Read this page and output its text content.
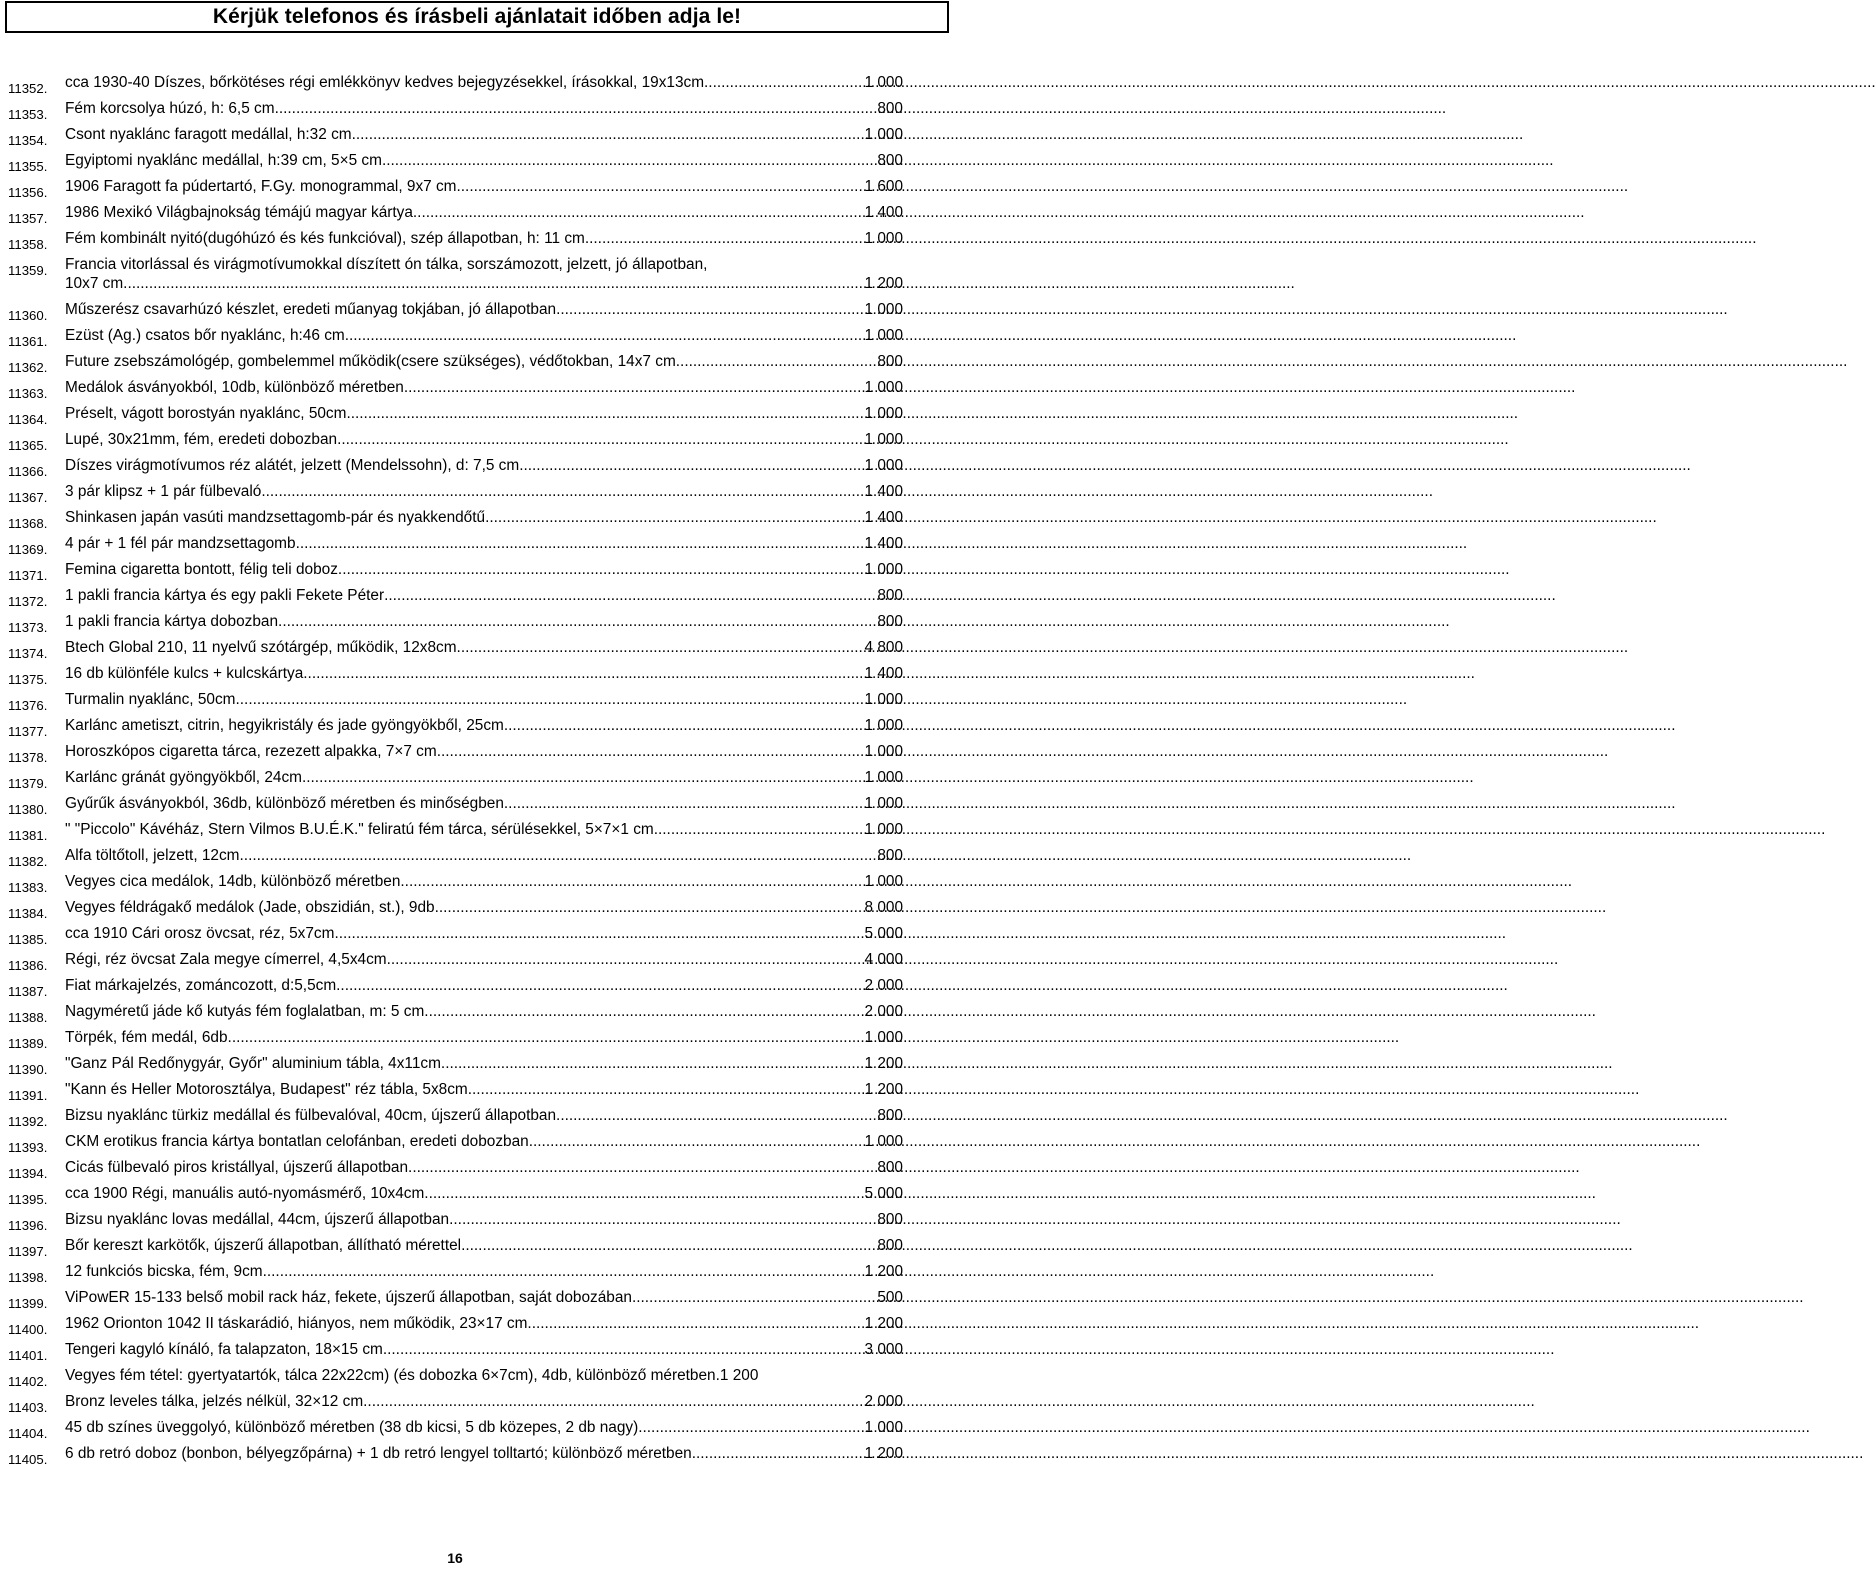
Kérjük telefonos és írásbeli ajánlatait időben adja le!
11352. cca 1930-40 Díszes, bőrkötéses régi emlékkönyv kedves bejegyzésekkel, írásokkal, 19x13cm .....	1 000
11353. Fém korcsolya húzó, h: 6,5 cm .....	800
11354. Csont nyaklánc faragott medállal, h:32 cm .....	1 000
11355. Egyiptomi nyaklánc medállal, h:39 cm, 5×5 cm .....	800
11356. 1906 Faragott fa púdertartó, F.Gy. monogrammal, 9x7 cm .....	1 600
11357. 1986 Mexikó Világbajnokság témájú magyar kártya .....	1 400
11358. Fém kombinált nyitó(dugóhúzó és kés funkcióval), szép állapotban, h: 11 cm .....	1 000
11359. Francia vitorlással és virágmotívumokkal díszített ón tálka, sorszámozott, jelzett, jó állapotban,
10x7 cm .....	1 200
11360. Műszerész csavarhúzó készlet, eredeti műanyag tokjában, jó állapotban .....	1 000
11361. Ezüst (Ag.) csatos bőr nyaklánc, h:46 cm .....	1 000
11362. Future zsebszámológép, gombelemmel működik(csere szükséges), védőtokban, 14x7 cm .....	800
11363. Medálok ásványokból, 10db, különböző méretben .....	1 000
11364. Préselt, vágott borostyán nyaklánc, 50cm .....	1 000
11365. Lupé, 30x21mm, fém, eredeti dobozban .....	1 000
11366. Díszes virágmotívumos réz alátét, jelzett (Mendelssohn), d: 7,5 cm .....	1 000
11367. 3 pár klipsz + 1 pár fülbevaló .....	1 400
11368. Shinkasen japán vasúti mandzsettagomb-pár és nyakkendőtű .....	1 400
11369. 4 pár + 1 fél pár mandzsettagomb .....	1 400
11371. Femina cigaretta bontott, félig teli doboz .....	1 000
11372. 1 pakli francia kártya és egy pakli Fekete Péter .....	800
11373. 1 pakli francia kártya dobozban .....	800
11374. Btech Global 210, 11 nyelvű szótárgép, működik, 12x8cm .....	4 800
11375. 16 db különféle kulcs + kulcskártya .....	1 400
11376. Turmalin nyaklánc, 50cm .....	1 000
11377. Karlánc ametiszt, citrin, hegyikristály és jade gyöngyökből, 25cm .....	1 000
11378. Horoszkópos cigaretta tárca, rezezett alpakka, 7×7 cm .....	1 000
11379. Karlánc gránát gyöngyökből, 24cm .....	1 000
11380. Gyűrűk ásványokból, 36db, különböző méretben és minőségben .....	1 000
11381. " "Piccolo" Kávéház, Stern Vilmos B.U.É.K." feliratú fém tárca, sérülésekkel, 5×7×1 cm .....	1 000
11382. Alfa töltőtoll, jelzett, 12cm .....	800
11383. Vegyes cica medálok, 14db, különböző méretben .....	1 000
11384. Vegyes féldrágakő medálok (Jade, obszidián, st.), 9db .....	8 000
11385. cca 1910 Cári orosz övcsat, réz, 5x7cm .....	5 000
11386. Régi, réz övcsat Zala megye címerrel, 4,5x4cm .....	4 000
11387. Fiat márkajelzés, zománcozott, d:5,5cm .....	2 000
11388. Nagyméretű jáde kő kutyás fém foglalatban, m: 5 cm .....	2 000
11389. Törpék, fém medál, 6db .....	1 000
11390. "Ganz Pál Redőnygyár, Győr" aluminium tábla, 4x11cm .....	1 200
11391. "Kann és Heller Motorosztálya, Budapest" réz tábla, 5x8cm .....	1 200
11392. Bizsu nyaklánc türkiz medállal és fülbevalóval, 40cm, újszerű állapotban .....	800
11393. CKM erotikus francia kártya bontatlan celofánban, eredeti dobozban .....	1 000
11394. Cicás fülbevaló piros kristállyal, újszerű állapotban .....	800
11395. cca 1900 Régi, manuális autó-nyomásmérő, 10x4cm .....	5 000
11396. Bizsu nyaklánc lovas medállal, 44cm, újszerű állapotban .....	800
11397. Bőr kereszt karkötők, újszerű állapotban, állítható mérettel .....	800
11398. 12 funkciós bicska, fém, 9cm .....	1 200
11399. ViPowER 15-133 belső mobil rack ház, fekete, újszerű állapotban, saját dobozában .....	500
11400. 1962 Orionton 1042 II táskarádió, hiányos, nem működik, 23×17 cm .....	1 200
11401. Tengeri kagyló kínáló, fa talapzaton, 18×15 cm .....	3 000
11402. Vegyes fém tétel: gyertyatartók, tálca 22x22cm) (és dobozka 6×7cm), 4db, különböző méretben . 1 200
11403. Bronz leveles tálka, jelzés nélkül, 32×12 cm .....	2 000
11404. 45 db színes üveggolyó, különböző méretben (38 db kicsi, 5 db közepes, 2 db nagy) .....	1 000
11405. 6 db retró doboz (bonbon, bélyegzőpárna) + 1 db retró lengyel tolltartó; különböző méretben .....	1 200
16
